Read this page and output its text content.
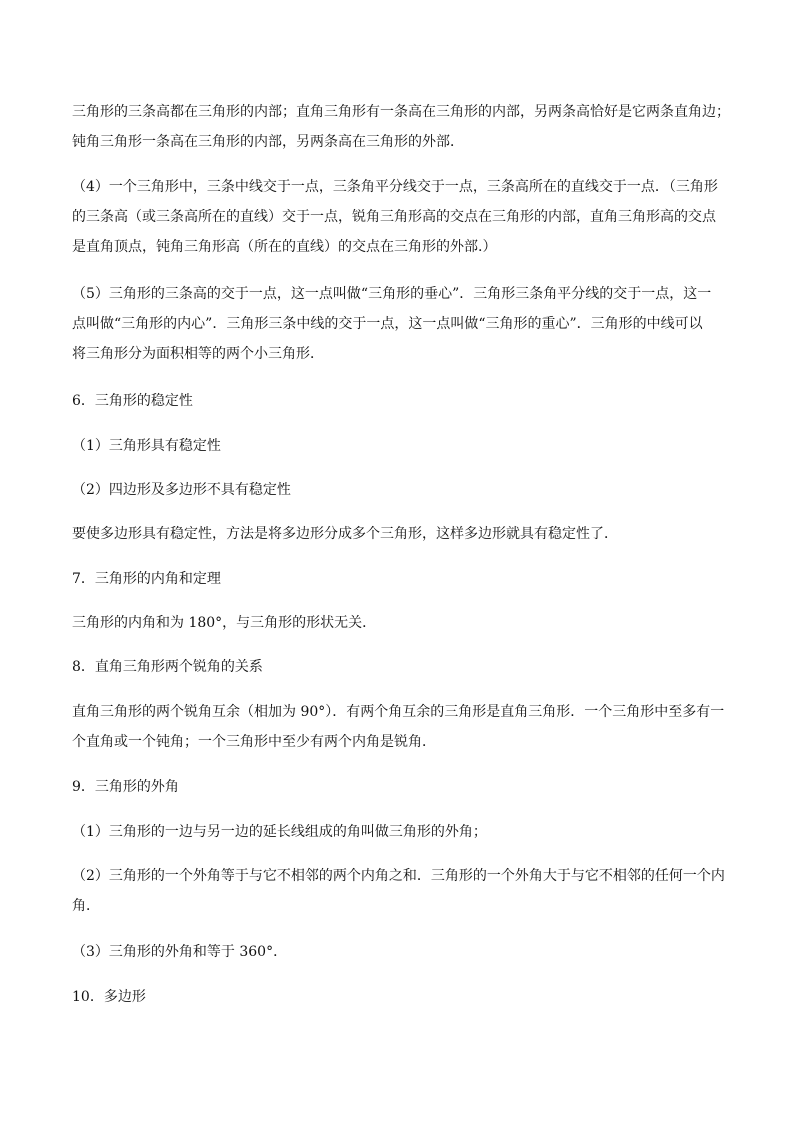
三角形的三条高都在三角形的内部；直角三角形有一条高在三角形的内部，另两条高恰好是它两条直角边；
钝角三角形一条高在三角形的内部，另两条高在三角形的外部．

（4）一个三角形中，三条中线交于一点，三条角平分线交于一点，三条高所在的直线交于一点．（三角形
的三条高（或三条高所在的直线）交于一点，锐角三角形高的交点在三角形的内部，直角三角形高的交点
是直角顶点，钝角三角形高（所在的直线）的交点在三角形的外部.）

（5）三角形的三条高的交于一点，这一点叫做“三角形的垂心”．三角形三条角平分线的交于一点，这一
点叫做“三角形的内心”．三角形三条中线的交于一点，这一点叫做“三角形的重心”．三角形的中线可以
将三角形分为面积相等的两个小三角形．

6．三角形的稳定性

（1）三角形具有稳定性

（2）四边形及多边形不具有稳定性

要使多边形具有稳定性，方法是将多边形分成多个三角形，这样多边形就具有稳定性了．

7．三角形的内角和定理

三角形的内角和为 180°，与三角形的形状无关．

8．直角三角形两个锐角的关系

直角三角形的两个锐角互余（相加为 90°）．有两个角互余的三角形是直角三角形．一个三角形中至多有一
个直角或一个钝角；一个三角形中至少有两个内角是锐角．

9．三角形的外角

（1）三角形的一边与另一边的延长线组成的角叫做三角形的外角；

（2）三角形的一个外角等于与它不相邻的两个内角之和．三角形的一个外角大于与它不相邻的任何一个内
角．

（3）三角形的外角和等于 360°．

10．多边形
